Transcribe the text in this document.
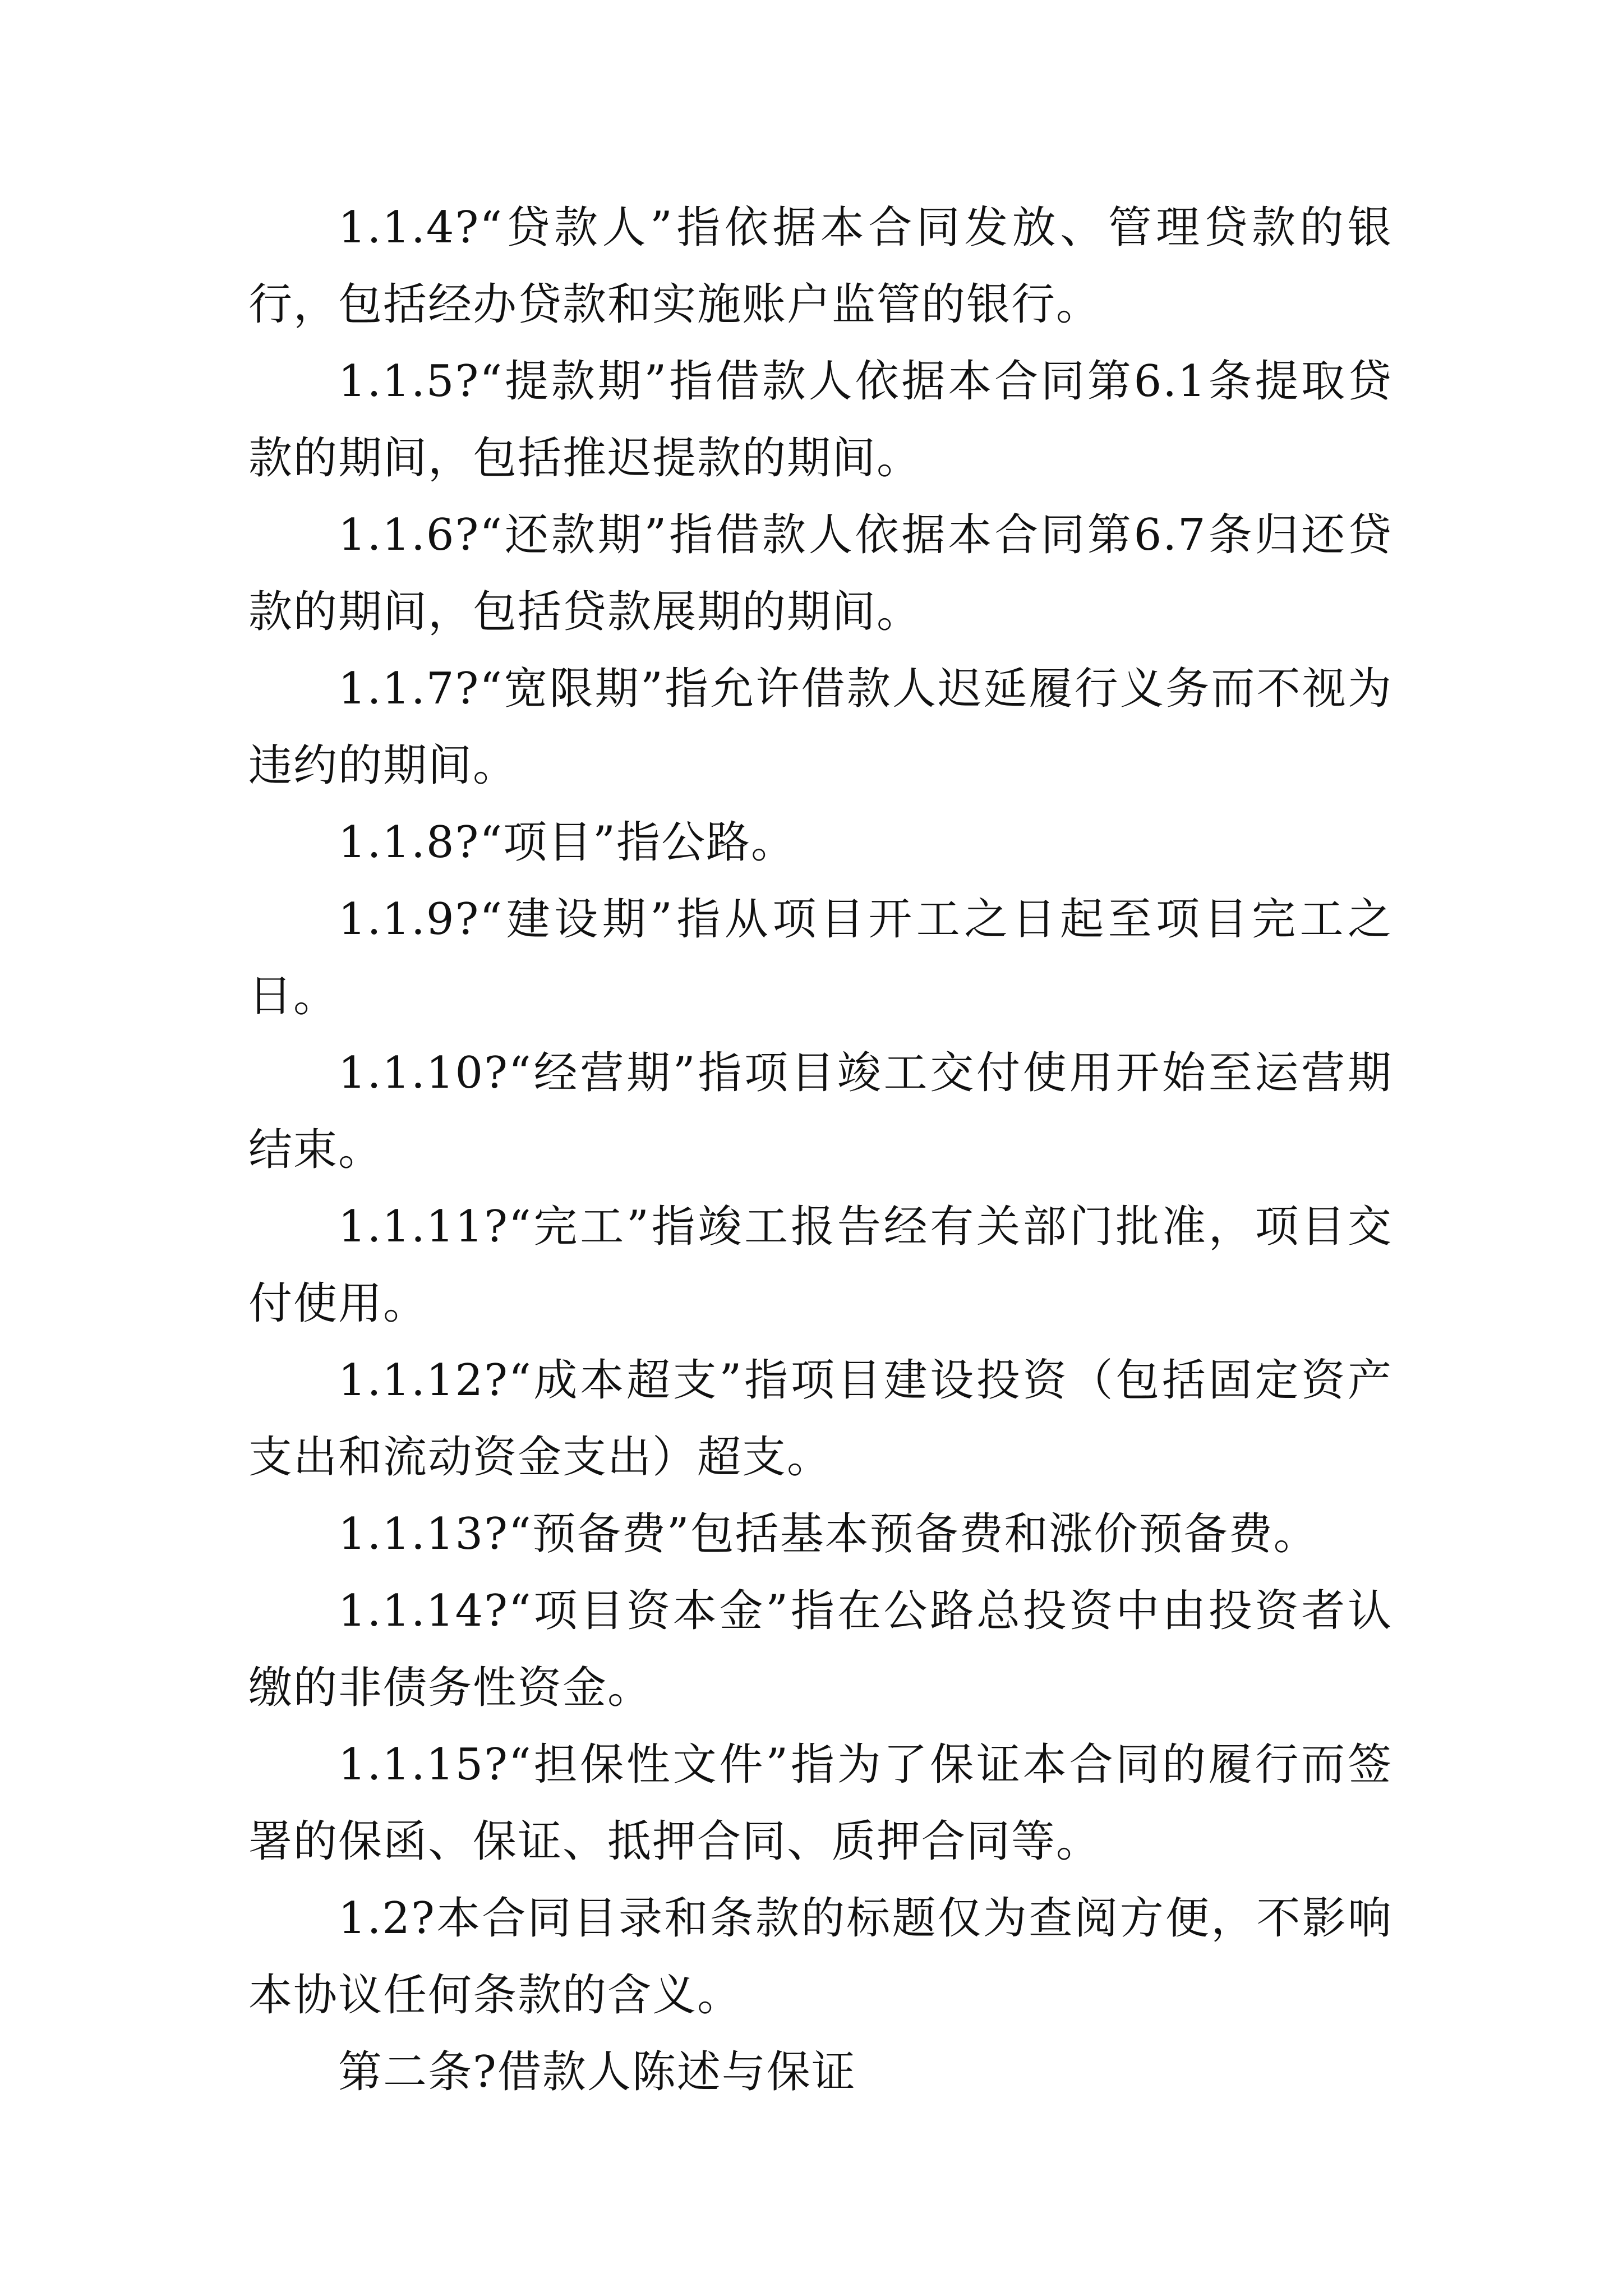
1.1.4?“贷款人”指依据本合同发放、管理贷款的银行，包括经办贷款和实施账户监管的银行。

1.1.5?“提款期”指借款人依据本合同第6.1条提取贷款的期间，包括推迟提款的期间。

1.1.6?“还款期”指借款人依据本合同第6.7条归还贷款的期间，包括贷款展期的期间。

1.1.7?“宽限期”指允许借款人迟延履行义务而不视为违约的期间。

1.1.8?“项目”指公路。

1.1.9?“建设期”指从项目开工之日起至项目完工之日。

1.1.10?“经营期”指项目竣工交付使用开始至运营期结束。

1.1.11?“完工”指竣工报告经有关部门批准，项目交付使用。

1.1.12?“成本超支”指项目建设投资（包括固定资产支出和流动资金支出）超支。

1.1.13?“预备费”包括基本预备费和涨价预备费。

1.1.14?“项目资本金”指在公路总投资中由投资者认缴的非债务性资金。

1.1.15?“担保性文件”指为了保证本合同的履行而签署的保函、保证、抵押合同、质押合同等。

1.2?本合同目录和条款的标题仅为查阅方便，不影响本协议任何条款的含义。

第二条?借款人陈述与保证
